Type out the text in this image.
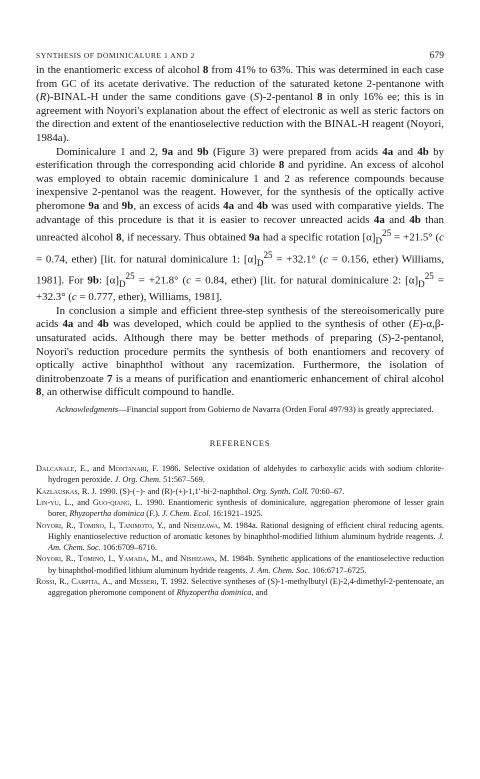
SYNTHESIS OF DOMINICALURE 1 AND 2	679

in the enantiomeric excess of alcohol 8 from 41% to 63%. This was determined in each case from GC of its acetate derivative. The reduction of the saturated ketone 2-pentanone with (R)-BINAL-H under the same conditions gave (S)-2-pentanol 8 in only 16% ee; this is in agreement with Noyori's explanation about the effect of electronic as well as steric factors on the direction and extent of the enantioselective reduction with the BINAL-H reagent (Noyori, 1984a).

Dominicalure 1 and 2, 9a and 9b (Figure 3) were prepared from acids 4a and 4b by esterification through the corresponding acid chloride 8 and pyridine. An excess of alcohol was employed to obtain racemic dominicalure 1 and 2 as reference compounds because inexpensive 2-pentanol was the reagent. However, for the synthesis of the optically active pheromone 9a and 9b, an excess of acids 4a and 4b was used with comparative yields. The advantage of this procedure is that it is easier to recover unreacted acids 4a and 4b than unreacted alcohol 8, if necessary. Thus obtained 9a had a specific rotation $[\alpha]_D^{25} = +21.5^\circ$ (c = 0.74, ether) [lit. for natural dominicalure 1: $[\alpha]_D^{25} = +32.1^\circ$ (c = 0.156, ether) Williams, 1981]. For 9b: $[\alpha]_D^{25} = +21.8^\circ$ (c = 0.84, ether) [lit. for natural dominicalure 2: $[\alpha]_D^{25} = +32.3^\circ$ (c = 0.777, ether), Williams, 1981].

In conclusion a simple and efficient three-step synthesis of the stereoisomerically pure acids 4a and 4b was developed, which could be applied to the synthesis of other (E)-α,β-unsaturated acids. Although there may be better methods of preparing (S)-2-pentanol, Noyori's reduction procedure permits the synthesis of both enantiomers and recovery of optically active binaphthol without any racemization. Furthermore, the isolation of dinitrobenzoate 7 is a means of purification and enantiomeric enhancement of chiral alcohol 8, an otherwise difficult compound to handle.

Acknowledgments—Financial support from Gobierno de Navarra (Orden Foral 497/93) is greatly appreciated.

REFERENCES
Dalcanale, E., and Montanari, F. 1986. Selective oxidation of aldehydes to carboxylic acids with sodium chlorite-hydrogen peroxide. J. Org. Chem. 51:567–569.
Kazlauskas, R. J. 1990. (S)-(−)- and (R)-(+)-1,1′-bi-2-naphthol. Org. Synth. Coll. 70:60–67.
Lin-yu, L., and Guo-qiang, L. 1990. Enantiomeric synthesis of dominicalure, aggregation pheromone of lesser grain borer, Rhyzopertha dominica (F.). J. Chem. Ecol. 16:1921–1925.
Noyori, R., Tomino, I., Tanimoto, Y., and Nishizawa, M. 1984a. Rational designing of efficient chiral reducing agents. Highly enantioselective reduction of aromatic ketones by binaphthol-modified lithium aluminum hydride reagents. J. Am. Chem. Soc. 106:6709–6716.
Noyori, R., Tomino, I., Yamada, M., and Nishizawa, M. 1984b. Synthetic applications of the enantioselective reduction by binaphthol-modified lithium aluminum hydride reagents. J. Am. Chem. Soc. 106:6717–6725.
Rossi, R., Carpita, A., and Messeri, T. 1992. Selective syntheses of (S)-1-methylbutyl (E)-2,4-dimethyl-2-pentenoate, an aggregation pheromone component of Rhyzopertha dominica, and
